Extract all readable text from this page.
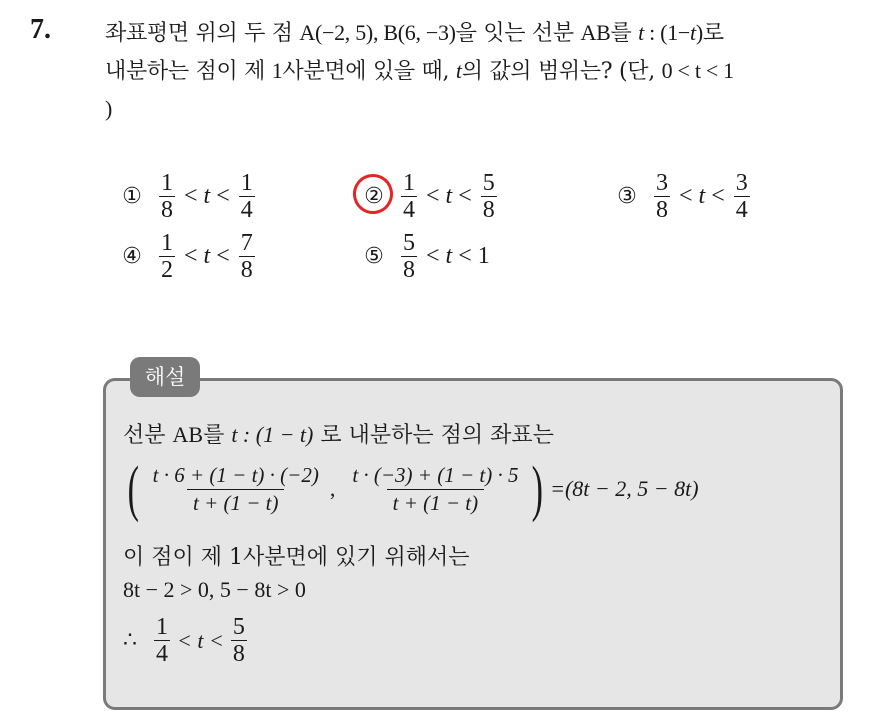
7. 좌표평면 위의 두 점 A(−2, 5), B(6, −3)을 잇는 선분 AB를 t : (1−t)로
내분하는 점이 제 1사분면에 있을 때, t의 값의 범위는? (단, 0 < t < 1
)
① $\frac{1}{8} < t < \frac{1}{4}$	② $\frac{1}{4} < t < \frac{5}{8}$	③ $\frac{3}{8} < t < \frac{3}{4}$
④ $\frac{1}{2} < t < \frac{7}{8}$	⑤ $\frac{5}{8} < t < 1$
해설
선분 AB를 t : (1 − t) 로 내분하는 점의 좌표는
( $\frac{t \cdot 6 + (1 - t) \cdot (-2)}{t + (1 - t)}$ , $\frac{t \cdot (-3) + (1 - t) \cdot 5}{t + (1 - t)}$ ) =(8t − 2, 5 − 8t)
이 점이 제 1사분면에 있기 위해서는
8t − 2 > 0, 5 − 8t > 0
∴ $\frac{1}{4} < t < \frac{5}{8}$
